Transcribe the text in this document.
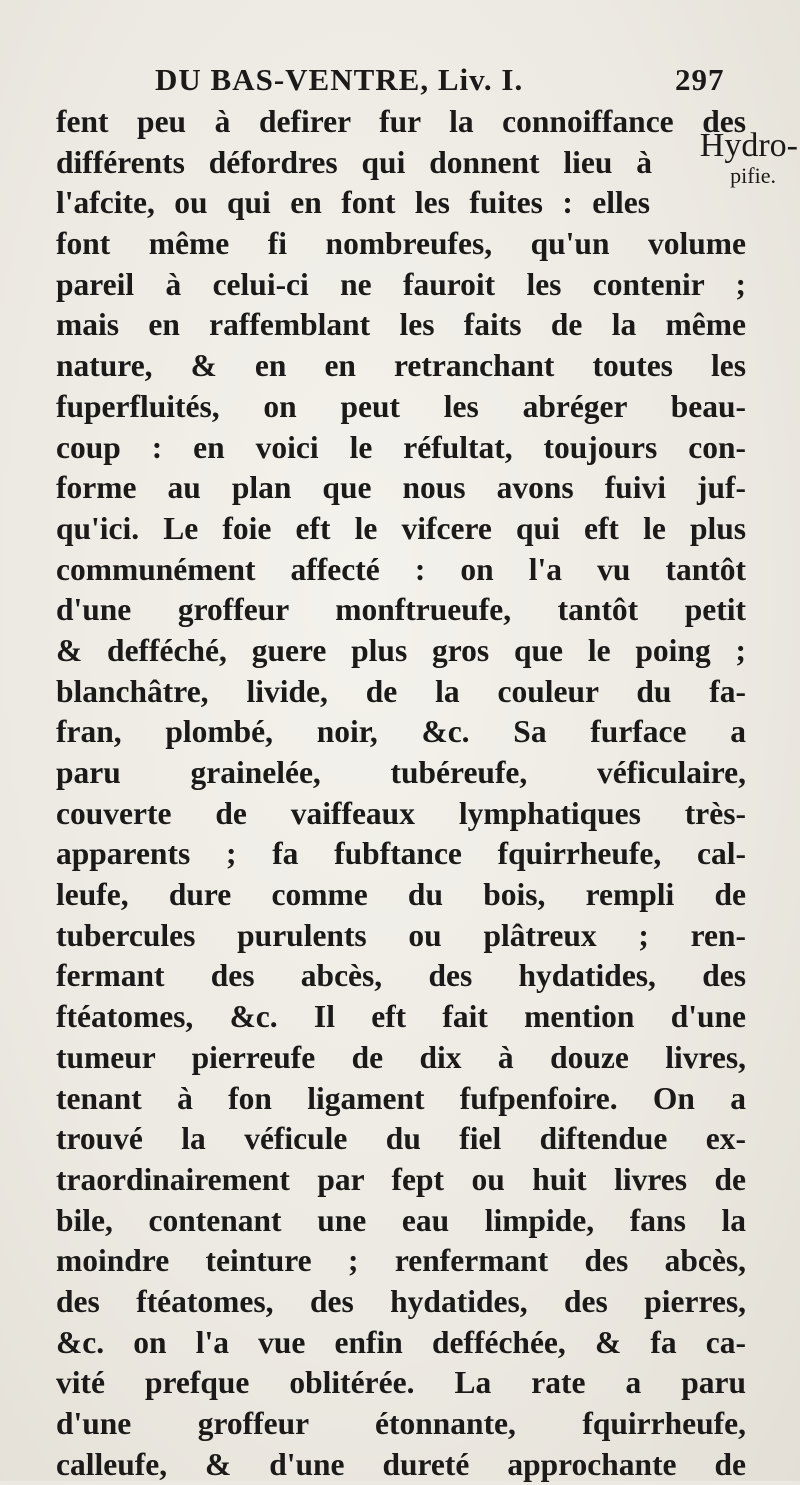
DU BAS-VENTRE, Liv. I.	297
Hydro-
pifie.
fent peu à defirer fur la connoiffance des
différents défordres qui donnent lieu à
l'afcite, ou qui en font les fuites : elles
font même fi nombreufes, qu'un volume
pareil à celui-ci ne fauroit les contenir ;
mais en raffemblant les faits de la même
nature, & en en retranchant toutes les
fuperfluités, on peut les abréger beau-
coup : en voici le réfultat, toujours con-
forme au plan que nous avons fuivi juf-
qu'ici. Le foie eft le vifcere qui eft le plus
communément affecté : on l'a vu tantôt
d'une groffeur monftrueufe, tantôt petit
& defféché, guere plus gros que le poing ;
blanchâtre, livide, de la couleur du fa-
fran, plombé, noir, &c. Sa furface a
paru grainelée, tubéreufe, véficulaire,
couverte de vaiffeaux lymphatiques très-
apparents ; fa fubftance fquirrheufe, cal-
leufe, dure comme du bois, rempli de
tubercules purulents ou plâtreux ; ren-
fermant des abcès, des hydatides, des
ftéatomes, &c. Il eft fait mention d'une
tumeur pierreufe de dix à douze livres,
tenant à fon ligament fufpenfoire. On a
trouvé la véficule du fiel diftendue ex-
traordinairement par fept ou huit livres de
bile, contenant une eau limpide, fans la
moindre teinture ; renfermant des abcès,
des ftéatomes, des hydatides, des pierres,
&c. on l'a vue enfin defféchée, & fa ca-
vité prefque oblitérée. La rate a paru
d'une groffeur étonnante, fquirrheufe,
calleufe, & d'une dureté approchante de
